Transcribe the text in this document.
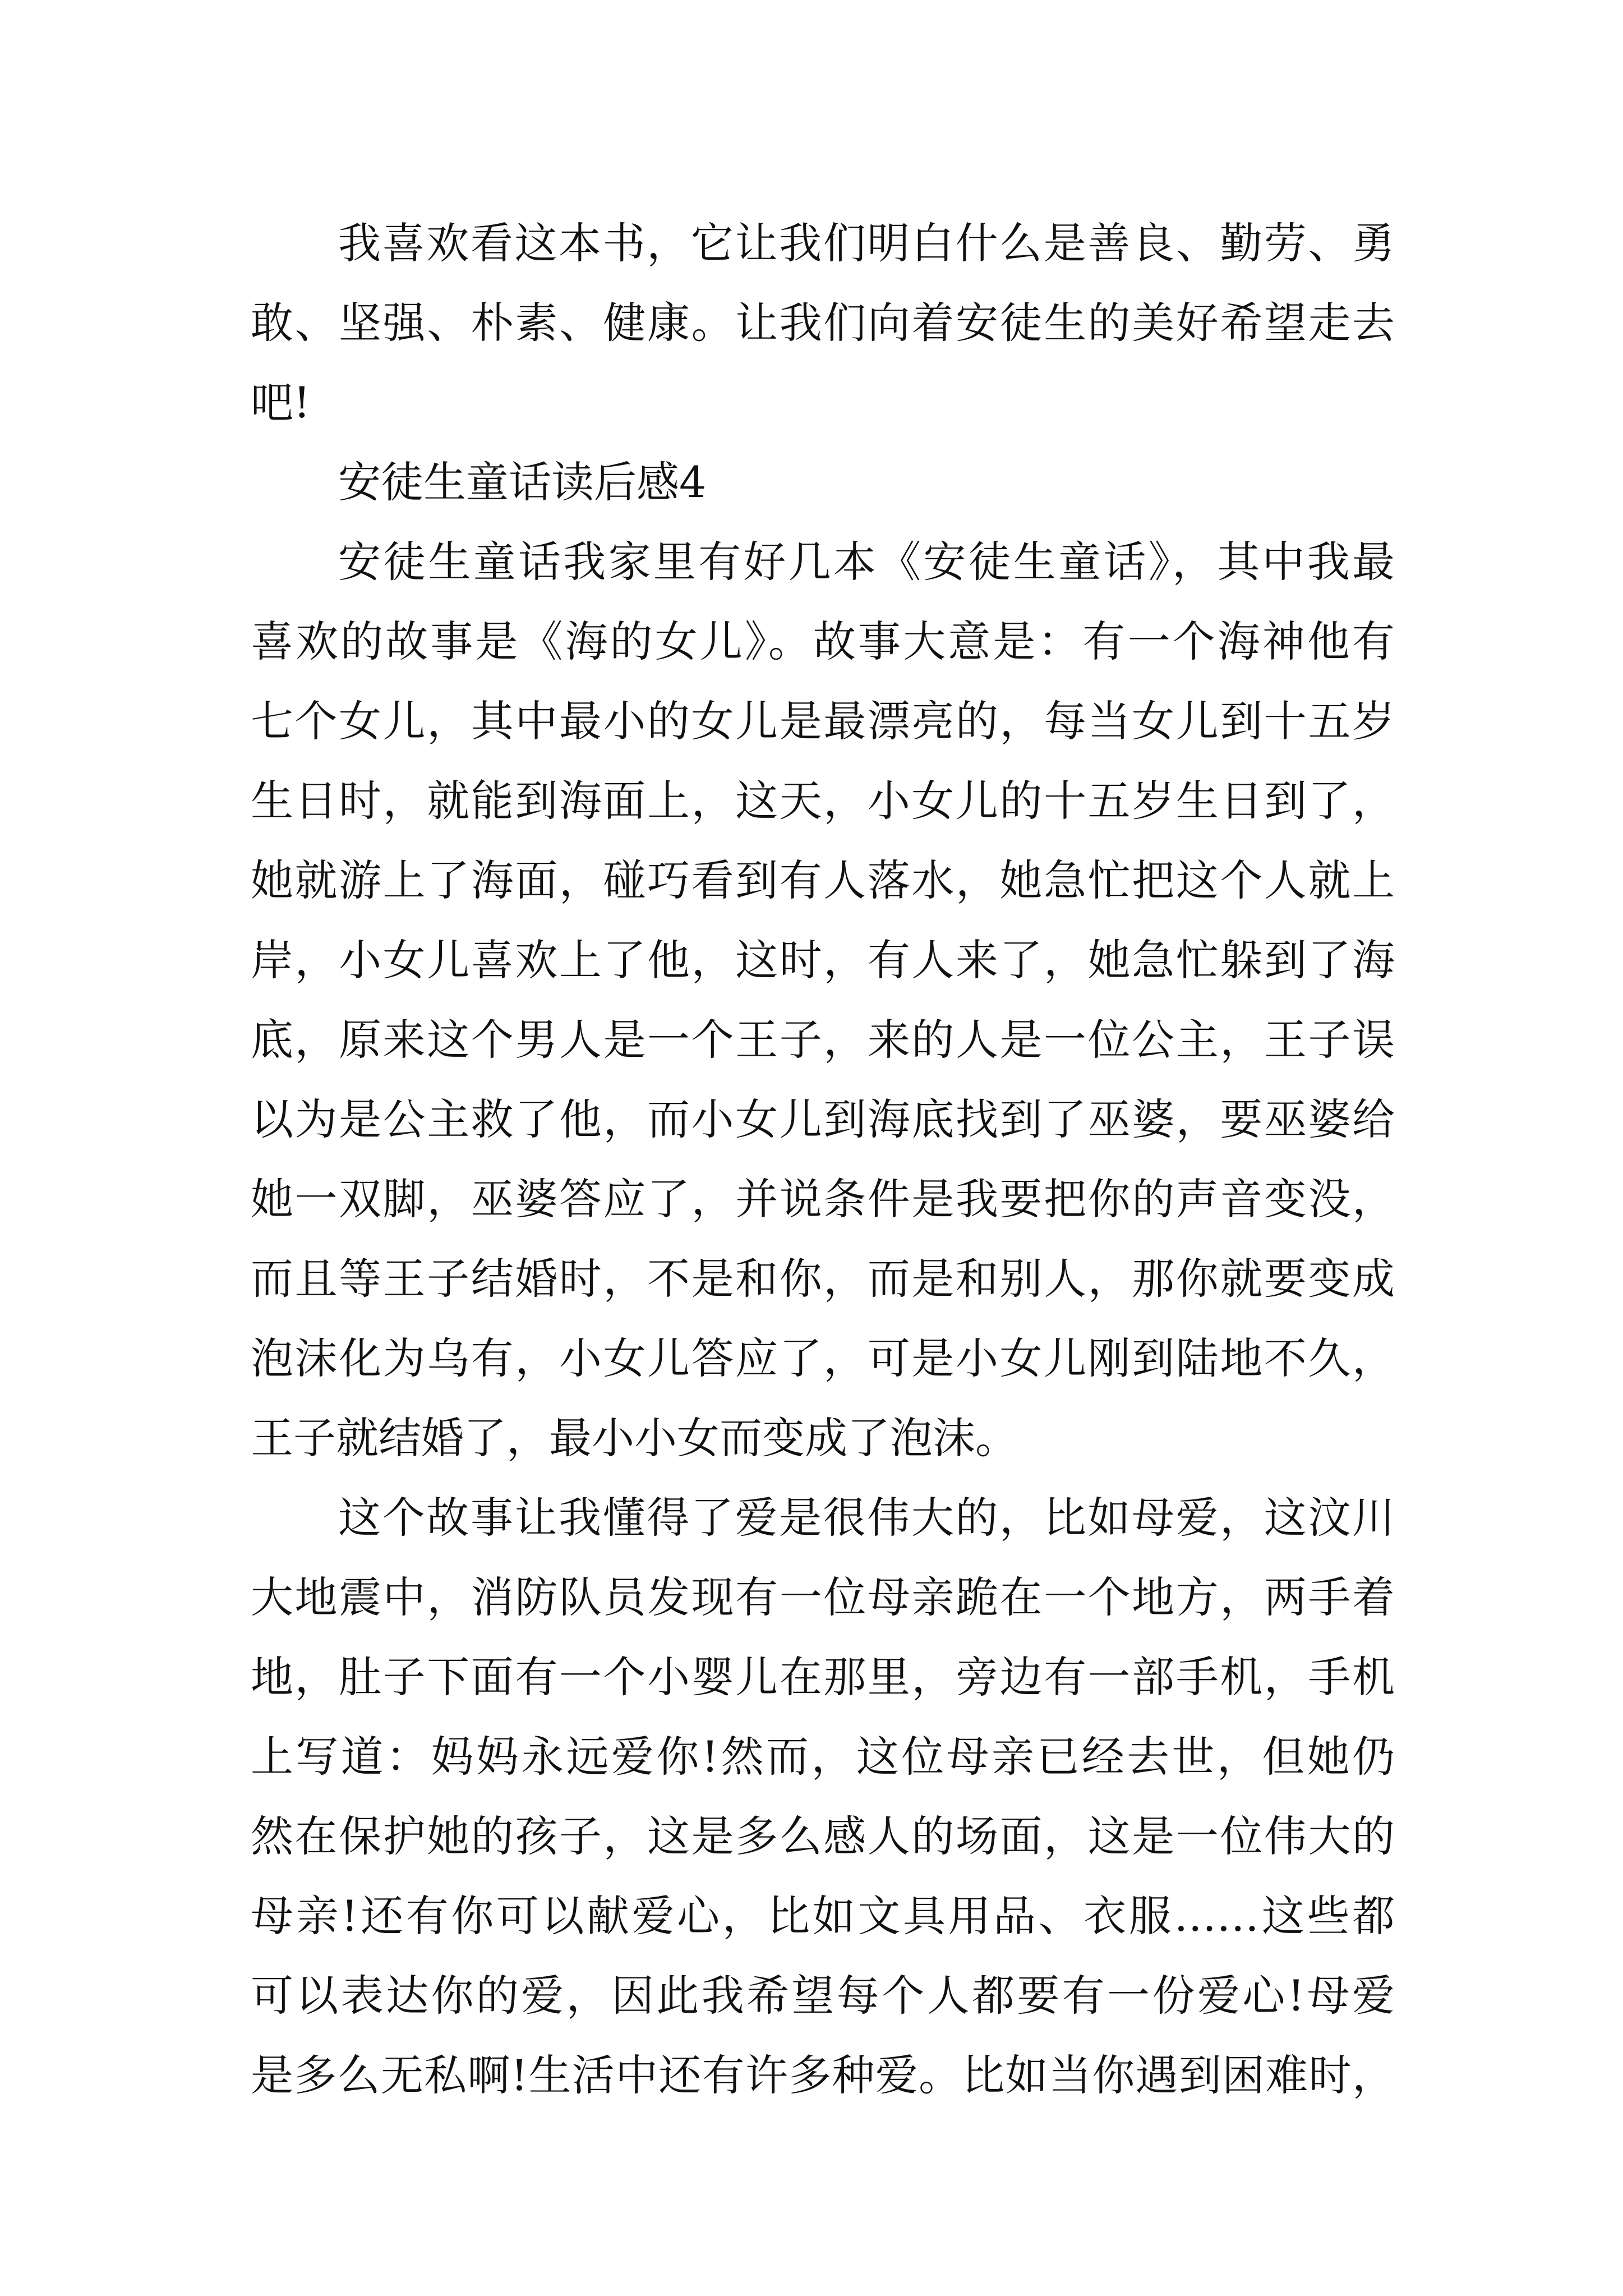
我喜欢看这本书，它让我们明白什么是善良、勤劳、勇
敢、坚强、朴素、健康。让我们向着安徒生的美好希望走去
吧!
安徒生童话读后感4
安徒生童话我家里有好几本《安徒生童话》，其中我最
喜欢的故事是《海的女儿》。故事大意是：有一个海神他有
七个女儿，其中最小的女儿是最漂亮的，每当女儿到十五岁
生日时，就能到海面上，这天，小女儿的十五岁生日到了，
她就游上了海面，碰巧看到有人落水，她急忙把这个人就上
岸，小女儿喜欢上了他，这时，有人来了，她急忙躲到了海
底，原来这个男人是一个王子，来的人是一位公主，王子误
以为是公主救了他，而小女儿到海底找到了巫婆，要巫婆给
她一双脚，巫婆答应了，并说条件是我要把你的声音变没，
而且等王子结婚时，不是和你，而是和别人，那你就要变成
泡沫化为乌有，小女儿答应了，可是小女儿刚到陆地不久，
王子就结婚了，最小小女而变成了泡沫。
这个故事让我懂得了爱是很伟大的，比如母爱，这汶川
大地震中，消防队员发现有一位母亲跪在一个地方，两手着
地，肚子下面有一个小婴儿在那里，旁边有一部手机，手机
上写道：妈妈永远爱你!然而，这位母亲已经去世，但她仍
然在保护她的孩子，这是多么感人的场面，这是一位伟大的
母亲!还有你可以献爱心，比如文具用品、衣服……这些都
可以表达你的爱，因此我希望每个人都要有一份爱心!母爱
是多么无私啊!生活中还有许多种爱。比如当你遇到困难时，
